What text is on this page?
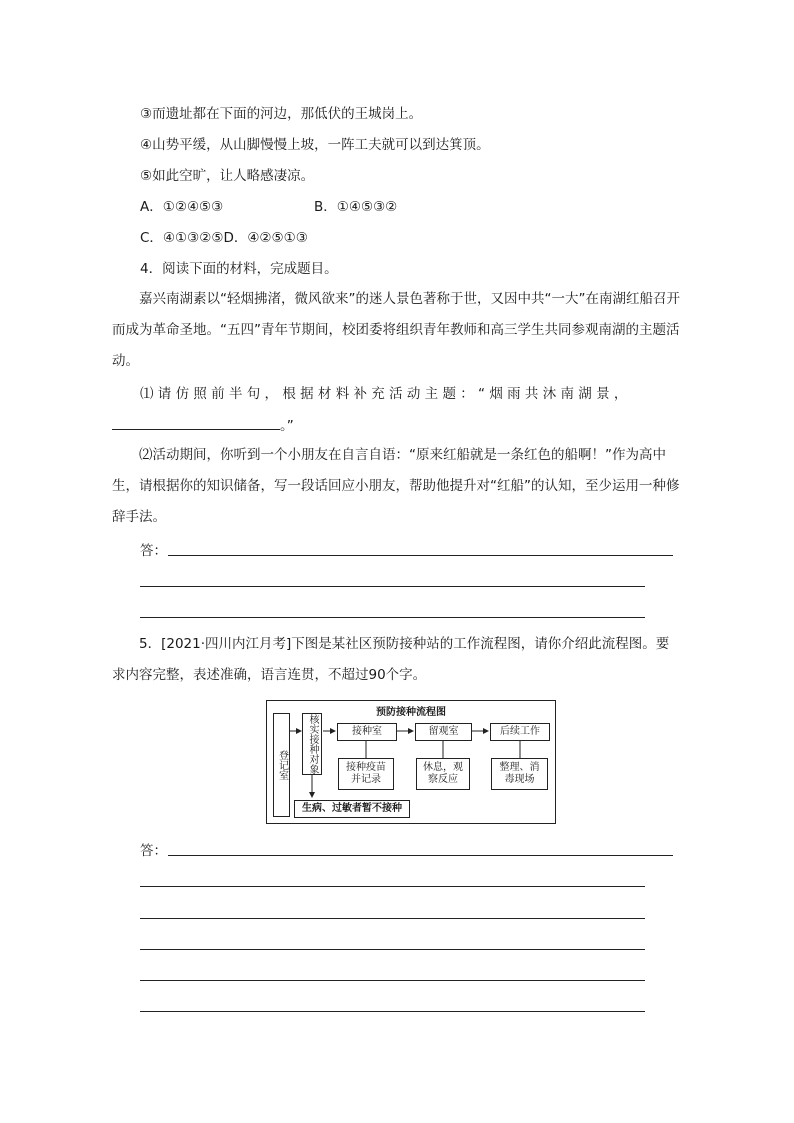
③而遗址都在下面的河边，那低伏的王城岗上。
④山势平缓，从山脚慢慢上坡，一阵工夫就可以到达箕顶。
⑤如此空旷，让人略感凄凉。
A．①②④⑤③	B．①④⑤③②
C．④①③②⑤D．④②⑤①③
4．阅读下面的材料，完成题目。
嘉兴南湖素以“轻烟拂渚，微风欲来”的迷人景色著称于世，又因中共“一大”在南湖红船召开而成为革命圣地。“五四”青年节期间，校团委将组织青年教师和高三学生共同参观南湖的主题活动。
⑴ 请 仿 照 前 半 句 ， 根 据 材 料 补 充 活 动 主 题 ： “ 烟 雨 共 沐 南 湖 景 ，
。”
⑵活动期间，你听到一个小朋友在自言自语：“原来红船就是一条红色的船啊！”作为高中生，请根据你的知识储备，写一段话回应小朋友，帮助他提升对“红船”的认知，至少运用一种修辞手法。
答：
5．[2021·四川内江月考]下图是某社区预防接种站的工作流程图，请你介绍此流程图。要求内容完整，表述准确，语言连贯，不超过90个字。
预防接种流程图
登记室 核实接种对象	接种室	留观室	后续工作
接种疫苗并记录
休息，观察反应
整理、消毒现场
生病、过敏者暂不接种
答：
